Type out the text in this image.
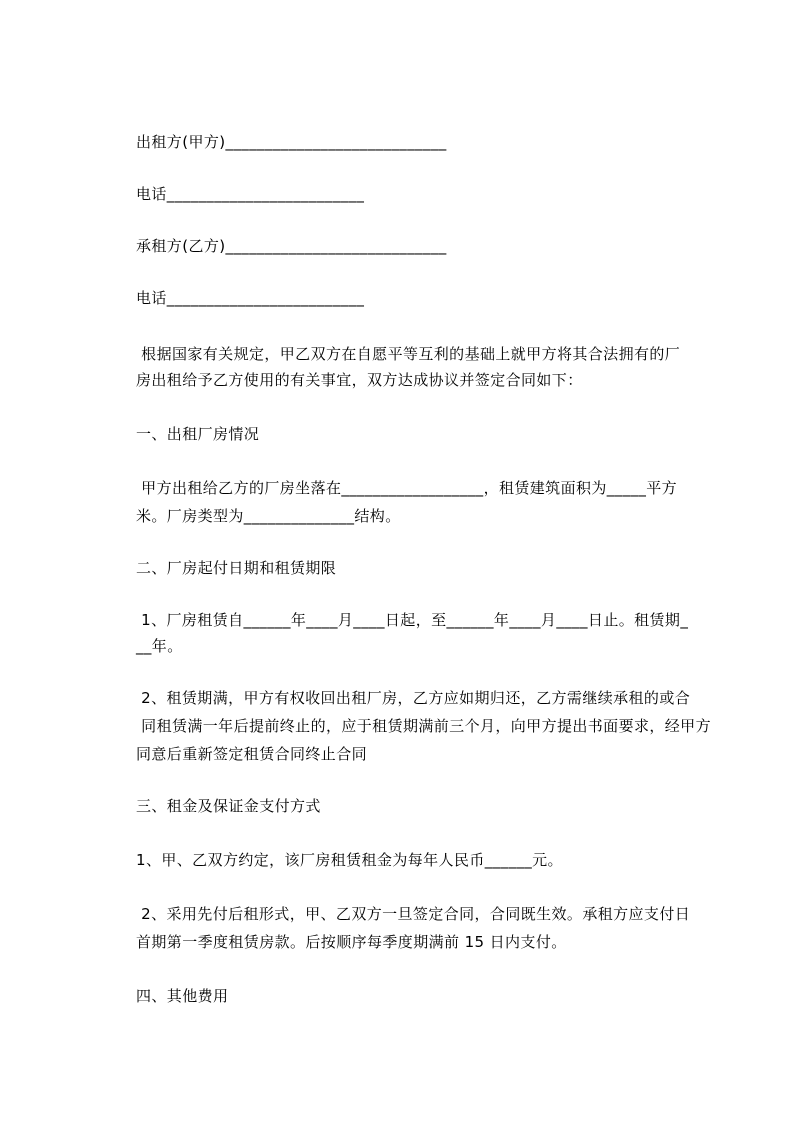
出租方(甲方)____________________________
电话_________________________
承租方(乙方)____________________________
电话_________________________
根据国家有关规定，甲乙双方在自愿平等互利的基础上就甲方将其合法拥有的厂
房出租给予乙方使用的有关事宜，双方达成协议并签定合同如下：
一、出租厂房情况
甲方出租给乙方的厂房坐落在__________________，租赁建筑面积为_____平方
米。厂房类型为______________结构。
二、厂房起付日期和租赁期限
1、厂房租赁自______年____月____日起，至______年____月____日止。租赁期_
__年。
2、租赁期满，甲方有权收回出租厂房，乙方应如期归还，乙方需继续承租的或合
同租赁满一年后提前终止的，应于租赁期满前三个月，向甲方提出书面要求，经甲方
同意后重新签定租赁合同终止合同
三、租金及保证金支付方式
1、甲、乙双方约定，该厂房租赁租金为每年人民币______元。
2、采用先付后租形式，甲、乙双方一旦签定合同，合同既生效。承租方应支付日
首期第一季度租赁房款。后按顺序每季度期满前 15 日内支付。
四、其他费用
